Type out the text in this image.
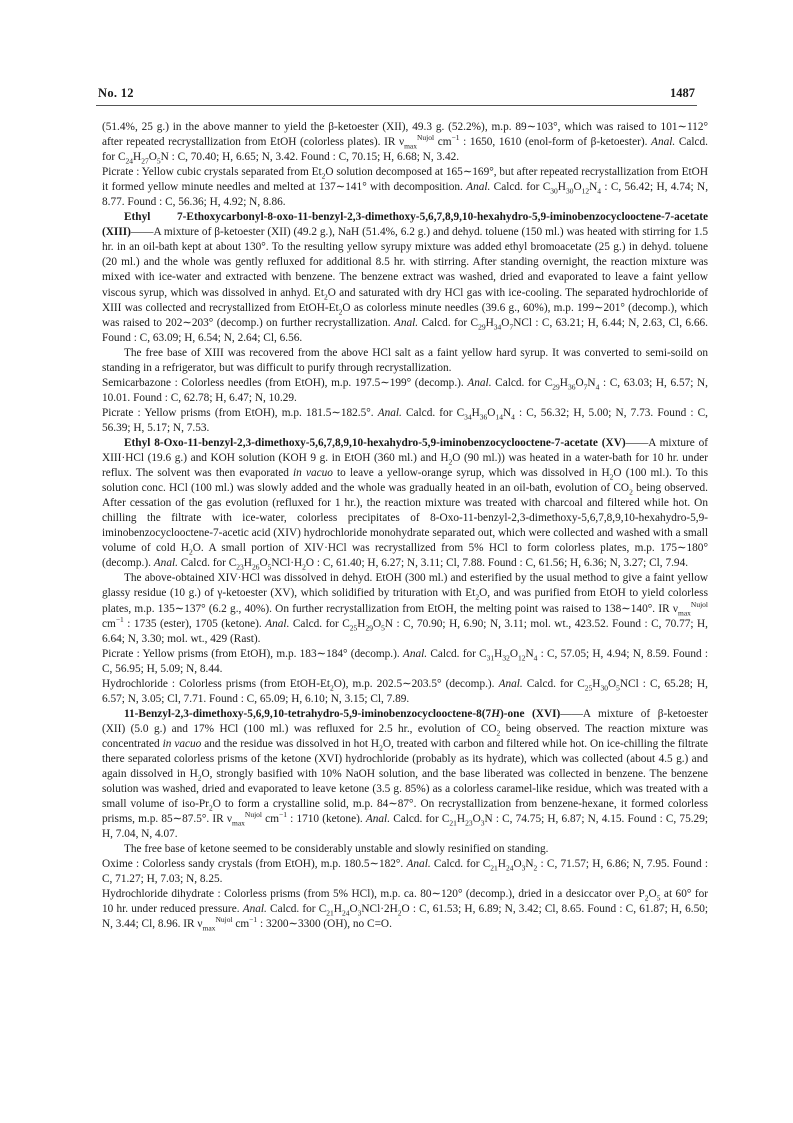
No. 12	1487

(51.4%, 25 g.) in the above manner to yield the β-ketoester (XII), 49.3 g. (52.2%), m.p. 89∼103°, which was raised to 101∼112° after repeated recrystallization from EtOH (colorless plates). IR $\nu_{max}^{Nujol}$ $cm^{-1}$ : 1650, 1610 (enol-form of β-ketoester). Anal. Calcd. for $C_{24}H_{27}O_5N$ : C, 70.40; H, 6.65; N, 3.42. Found : C, 70.15; H, 6.68; N, 3.42.

Picrate : Yellow cubic crystals separated from $Et_2O$ solution decomposed at 165∼169°, but after repeated recrystallization from EtOH it formed yellow minute needles and melted at 137∼141° with decomposition. Anal. Calcd. for $C_{30}H_{30}O_{12}N_4$ : C, 56.42; H, 4.74; N, 8.77. Found : C, 56.36; H, 4.92; N, 8.86.

Ethyl 7-Ethoxycarbonyl-8-oxo-11-benzyl-2,3-dimethoxy-5,6,7,8,9,10-hexahydro-5,9-iminobenzocyclooctene-7-acetate (XIII)——A mixture of β-ketoester (XII) (49.2 g.), NaH (51.4%, 6.2 g.) and dehyd. toluene (150 ml.) was heated with stirring for 1.5 hr. in an oil-bath kept at about 130°. To the resulting yellow syrupy mixture was added ethyl bromoacetate (25 g.) in dehyd. toluene (20 ml.) and the whole was gently refluxed for additional 8.5 hr. with stirring. After standing overnight, the reaction mixture was mixed with ice-water and extracted with benzene. The benzene extract was washed, dried and evaporated to leave a faint yellow viscous syrup, which was dissolved in anhyd. $Et_2O$ and saturated with dry HCl gas with ice-cooling. The separated hydrochloride of XIII was collected and recrystallized from EtOH-$Et_2O$ as colorless minute needles (39.6 g., 60%), m.p. 199∼201° (decomp.), which was raised to 202∼203° (decomp.) on further recrystallization. Anal. Calcd. for $C_{29}H_{34}O_7NCl$ : C, 63.21; H, 6.44; N, 2.63, Cl, 6.66. Found : C, 63.09; H, 6.54; N, 2.64; Cl, 6.56.

The free base of XIII was recovered from the above HCl salt as a faint yellow hard syrup. It was converted to semi-soild on standing in a refrigerator, but was difficult to purify through recrystallization.

Semicarbazone : Colorless needles (from EtOH), m.p. 197.5∼199° (decomp.). Anal. Calcd. for $C_{29}H_{36}O_7N_4$ : C, 63.03; H, 6.57; N, 10.01. Found : C, 62.78; H, 6.47; N, 10.29.

Picrate : Yellow prisms (from EtOH), m.p. 181.5∼182.5°. Anal. Calcd. for $C_{34}H_{36}O_{14}N_4$ : C, 56.32; H, 5.00; N, 7.73. Found : C, 56.39; H, 5.17; N, 7.53.

Ethyl 8-Oxo-11-benzyl-2,3-dimethoxy-5,6,7,8,9,10-hexahydro-5,9-iminobenzocyclooctene-7-acetate (XV)——A mixture of XIII·HCl (19.6 g.) and KOH solution (KOH 9 g. in EtOH (360 ml.) and $H_2O$ (90 ml.)) was heated in a water-bath for 10 hr. under reflux. The solvent was then evaporated in vacuo to leave a yellow-orange syrup, which was dissolved in $H_2O$ (100 ml.). To this solution conc. HCl (100 ml.) was slowly added and the whole was gradually heated in an oil-bath, evolution of $CO_2$ being observed. After cessation of the gas evolution (refluxed for 1 hr.), the reaction mixture was treated with charcoal and filtered while hot. On chilling the filtrate with ice-water, colorless precipitates of 8-Oxo-11-benzyl-2,3-dimethoxy-5,6,7,8,9,10-hexahydro-5,9-iminobenzocyclooctene-7-acetic acid (XIV) hydrochloride monohydrate separated out, which were collected and washed with a small volume of cold $H_2O$. A small portion of XIV·HCl was recrystallized from 5% HCl to form colorless plates, m.p. 175∼180° (decomp.). Anal. Calcd. for $C_{23}H_{26}O_5NCl\cdot H_2O$ : C, 61.40; H, 6.27; N, 3.11; Cl, 7.88. Found : C, 61.56; H, 6.36; N, 3.27; Cl, 7.94.

The above-obtained XIV·HCl was dissolved in dehyd. EtOH (300 ml.) and esterified by the usual method to give a faint yellow glassy residue (10 g.) of γ-ketoester (XV), which solidified by trituration with $Et_2O$, and was purified from EtOH to yield colorless plates, m.p. 135∼137° (6.2 g., 40%). On further recrystallization from EtOH, the melting point was raised to 138∼140°. IR $\nu_{max}^{Nujol}$ $cm^{-1}$ : 1735 (ester), 1705 (ketone). Anal. Calcd. for $C_{25}H_{29}O_5N$ : C, 70.90; H, 6.90; N, 3.11; mol. wt., 423.52. Found : C, 70.77; H, 6.64; N, 3.30; mol. wt., 429 (Rast).

Picrate : Yellow prisms (from EtOH), m.p. 183∼184° (decomp.). Anal. Calcd. for $C_{31}H_{32}O_{12}N_4$ : C, 57.05; H, 4.94; N, 8.59. Found : C, 56.95; H, 5.09; N, 8.44.

Hydrochloride : Colorless prisms (from EtOH-$Et_2O$), m.p. 202.5∼203.5° (decomp.). Anal. Calcd. for $C_{25}H_{30}O_5NCl$ : C, 65.28; H, 6.57; N, 3.05; Cl, 7.71. Found : C, 65.09; H, 6.10; N, 3.15; Cl, 7.89.

11-Benzyl-2,3-dimethoxy-5,6,9,10-tetrahydro-5,9-iminobenzocyclooctene-8(7H)-one (XVI)——A mixture of β-ketoester (XII) (5.0 g.) and 17% HCl (100 ml.) was refluxed for 2.5 hr., evolution of $CO_2$ being observed. The reaction mixture was concentrated in vacuo and the residue was dissolved in hot $H_2O$, treated with carbon and filtered while hot. On ice-chilling the filtrate there separated colorless prisms of the ketone (XVI) hydrochloride (probably as its hydrate), which was collected (about 4.5 g.) and again dissolved in $H_2O$, strongly basified with 10% NaOH solution, and the base liberated was collected in benzene. The benzene solution was washed, dried and evaporated to leave ketone (3.5 g. 85%) as a colorless caramel-like residue, which was treated with a small volume of iso-$Pr_2O$ to form a crystalline solid, m.p. 84∼87°. On recrystallization from benzene-hexane, it formed colorless prisms, m.p. 85∼87.5°. IR $\nu_{max}^{Nujol}$ $cm^{-1}$ : 1710 (ketone). Anal. Calcd. for $C_{21}H_{23}O_3N$ : C, 74.75; H, 6.87; N, 4.15. Found : C, 75.29; H, 7.04, N, 4.07.

The free base of ketone seemed to be considerably unstable and slowly resinified on standing.

Oxime : Colorless sandy crystals (from EtOH), m.p. 180.5∼182°. Anal. Calcd. for $C_{21}H_{24}O_3N_2$ : C, 71.57; H, 6.86; N, 7.95. Found : C, 71.27; H, 7.03; N, 8.25.

Hydrochloride dihydrate : Colorless prisms (from 5% HCl), m.p. ca. 80∼120° (decomp.), dried in a desiccator over $P_2O_5$ at 60° for 10 hr. under reduced pressure. Anal. Calcd. for $C_{21}H_{24}O_3NCl\cdot 2H_2O$ : C, 61.53; H, 6.89; N, 3.42; Cl, 8.65. Found : C, 61.87; H, 6.50; N, 3.44; Cl, 8.96. IR $\nu_{max}^{Nujol}$ $cm^{-1}$ : 3200∼3300 (OH), no C=O.
